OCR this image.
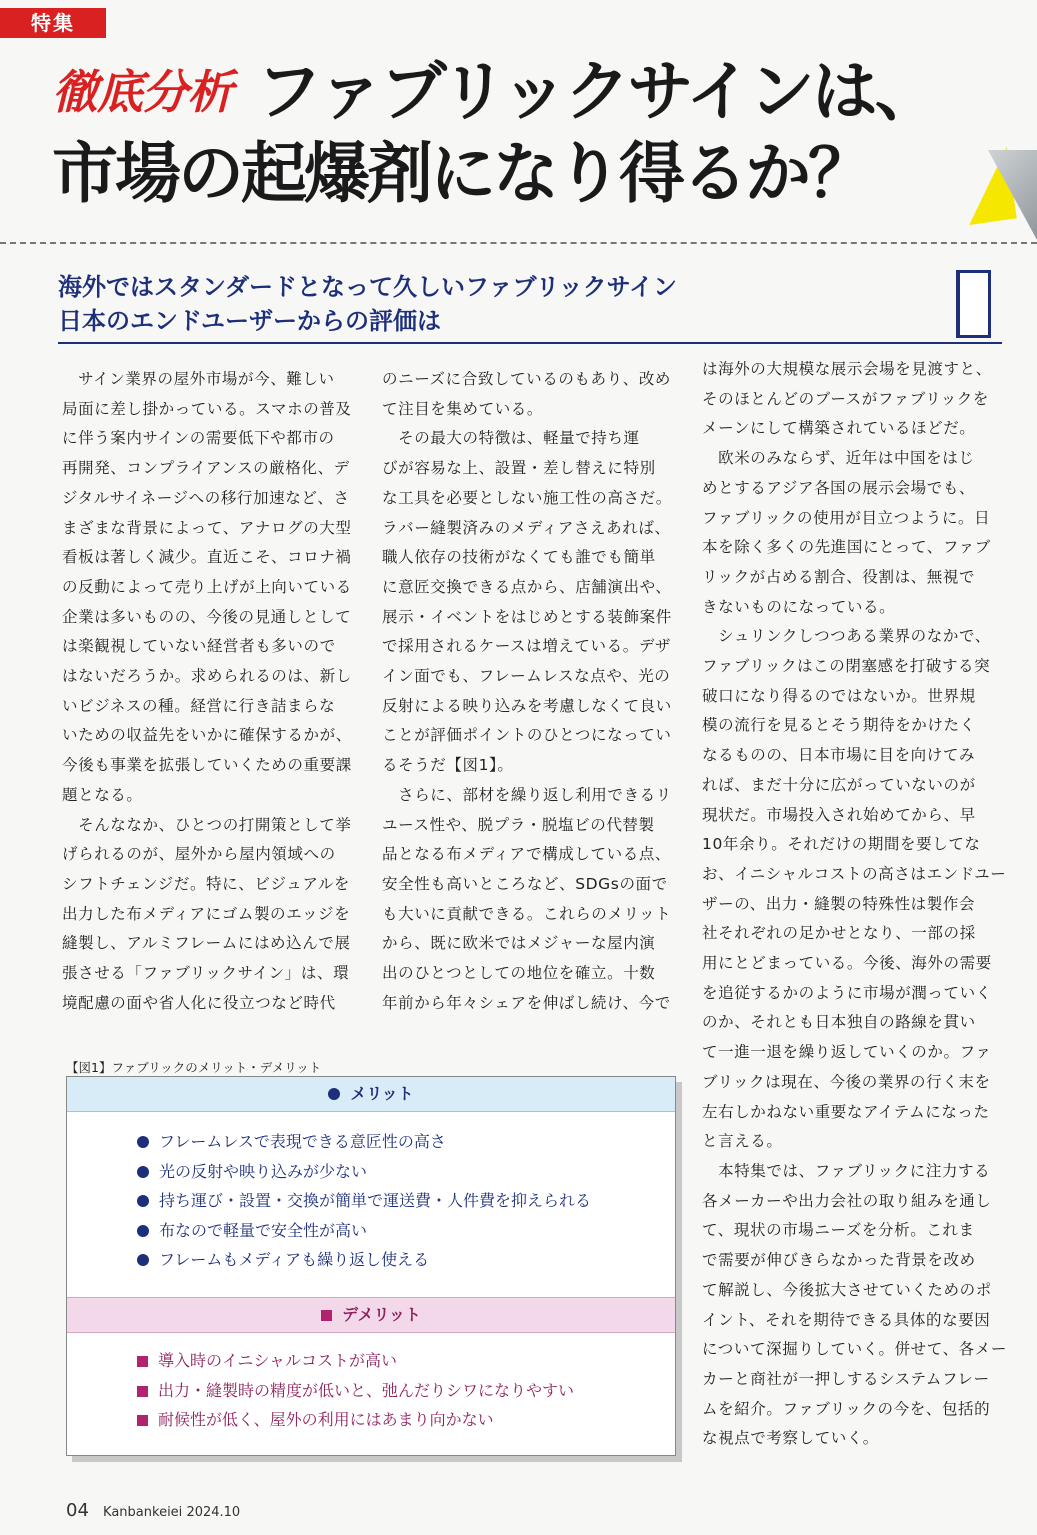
特集
徹底分析 ファブリックサインは、
市場の起爆剤になり得るか？
海外ではスタンダードとなって久しいファブリックサイン
日本のエンドユーザーからの評価は
　サイン業界の屋外市場が今、難しい
局面に差し掛かっている。スマホの普及
に伴う案内サインの需要低下や都市の
再開発、コンプライアンスの厳格化、デ
ジタルサイネージへの移行加速など、さ
まざまな背景によって、アナログの大型
看板は著しく減少。直近こそ、コロナ禍
の反動によって売り上げが上向いている
企業は多いものの、今後の見通しとして
は楽観視していない経営者も多いので
はないだろうか。求められるのは、新し
いビジネスの種。経営に行き詰まらな
いための収益先をいかに確保するかが、
今後も事業を拡張していくための重要課
題となる。
　そんななか、ひとつの打開策として挙
げられるのが、屋外から屋内領域への
シフトチェンジだ。特に、ビジュアルを
出力した布メディアにゴム製のエッジを
縫製し、アルミフレームにはめ込んで展
張させる「ファブリックサイン」は、環
境配慮の面や省人化に役立つなど時代
のニーズに合致しているのもあり、改め
て注目を集めている。
　その最大の特徴は、軽量で持ち運
びが容易な上、設置・差し替えに特別
な工具を必要としない施工性の高さだ。
ラバー縫製済みのメディアさえあれば、
職人依存の技術がなくても誰でも簡単
に意匠交換できる点から、店舗演出や、
展示・イベントをはじめとする装飾案件
で採用されるケースは増えている。デザ
イン面でも、フレームレスな点や、光の
反射による映り込みを考慮しなくて良い
ことが評価ポイントのひとつになってい
るそうだ【図1】。
　さらに、部材を繰り返し利用できるリ
ユース性や、脱プラ・脱塩ビの代替製
品となる布メディアで構成している点、
安全性も高いところなど、SDGsの面で
も大いに貢献できる。これらのメリット
から、既に欧米ではメジャーな屋内演
出のひとつとしての地位を確立。十数
年前から年々シェアを伸ばし続け、今で
は海外の大規模な展示会場を見渡すと、
そのほとんどのブースがファブリックを
メーンにして構築されているほどだ。
　欧米のみならず、近年は中国をはじ
めとするアジア各国の展示会場でも、
ファブリックの使用が目立つように。日
本を除く多くの先進国にとって、ファブ
リックが占める割合、役割は、無視で
きないものになっている。
　シュリンクしつつある業界のなかで、
ファブリックはこの閉塞感を打破する突
破口になり得るのではないか。世界規
模の流行を見るとそう期待をかけたく
なるものの、日本市場に目を向けてみ
れば、まだ十分に広がっていないのが
現状だ。市場投入され始めてから、早
10年余り。それだけの期間を要してな
お、イニシャルコストの高さはエンドユー
ザーの、出力・縫製の特殊性は製作会
社それぞれの足かせとなり、一部の採
用にとどまっている。今後、海外の需要
を追従するかのように市場が潤っていく
のか、それとも日本独自の路線を貫い
て一進一退を繰り返していくのか。ファ
ブリックは現在、今後の業界の行く末を
左右しかねない重要なアイテムになった
と言える。
　本特集では、ファブリックに注力する
各メーカーや出力会社の取り組みを通し
て、現状の市場ニーズを分析。これま
で需要が伸びきらなかった背景を改め
て解説し、今後拡大させていくためのポ
イント、それを期待できる具体的な要因
について深掘りしていく。併せて、各メー
カーと商社が一押しするシステムフレー
ムを紹介。ファブリックの今を、包括的
な視点で考察していく。
【図1】ファブリックのメリット・デメリット
メリット
フレームレスで表現できる意匠性の高さ
光の反射や映り込みが少ない
持ち運び・設置・交換が簡単で運送費・人件費を抑えられる
布なので軽量で安全性が高い
フレームもメディアも繰り返し使える
デメリット
導入時のイニシャルコストが高い
出力・縫製時の精度が低いと、弛んだりシワになりやすい
耐候性が低く、屋外の利用にはあまり向かない
04 Kanbankeiei 2024.10
